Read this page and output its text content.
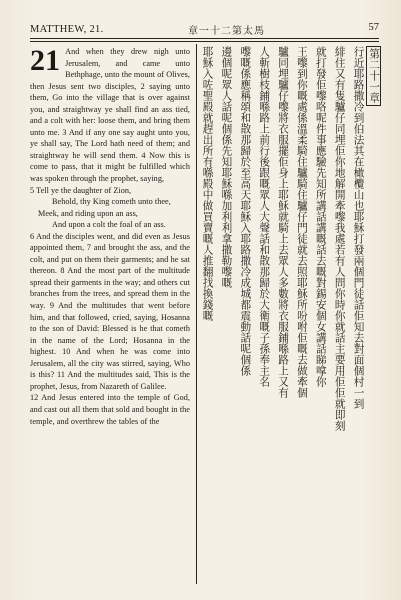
MATTHEW, 21.	章一十二第太馬	57
21 And when they drew nigh unto Jerusalem, and came unto Bethphage, unto the mount of Olives, then Jesus sent two disciples, 2 saying unto them, Go into the village that is over against you, and straightway ye shall find an ass tied, and a colt with her: loose them, and bring them unto me. 3 And if any one say aught unto you, ye shall say, The Lord hath need of them; and straightway he will send them. 4 Now this is come to pass, that it might be fulfilled which was spoken through the prophet, saying,

5 Tell ye the daughter of Zion,

Behold, thy King cometh unto thee,

Meek, and riding upon an ass,

And upon a colt the foal of an ass.

6 And the disciples went, and did even as Jesus appointed them, 7 and brought the ass, and the colt, and put on them their garments; and he sat thereon. 8 And the most part of the multitude spread their garments in the way; and others cut branches from the trees, and spread them in the way. 9 And the multitudes that went before him, and that followed, cried, saying, Hosanna to the son of David: Blessed is he that cometh in the name of the Lord; Hosanna in the highest. 10 And when he was come into Jerusalem, all the city was stirred, saying, Who is this? 11 And the multitudes said, This is the prophet, Jesus, from Nazareth of Galilee.

12 And Jesus entered into the temple of God, and cast out all them that sold and bought in the temple, and overthrew the tables of the

第二十一章
行近耶路撒冷到伯法其在橄欖山也耶穌打發兩個門徒話佢知去對面個村一到
緋住又有隻驢仔同埋佢你地解開牽嚟我處若有人問你時你就話主要用佢佢就即刻
就打發佢嚟咯呢件事應驗先知所講話講嘅話去嘅對錫安個女講話睇嗱你
王嚟到你嘅處係溫柔騎住驢騎住驢仔門徒就去照耶穌所吩咐佢嘅去做牽個
驢同埋驢仔嚟將衣服擺佢身上耶穌就騎上去眾人多數將衣服鋪喺路上又有
人斬樹枝鋪喺路上前行後跟嘅眾人大聲話和散那歸於大衛嘅子孫奉主名
嚟嘅係應稱頌和散那歸於至高天耶穌入耶路撒冷成城都震動話呢個係
邊個呢眾人話呢個係先知耶穌喺加利利拿撒勒嚟嘅
耶穌入咗聖殿就趕出所有喺殿中做買賣嘅人推翻找換錢嘅
